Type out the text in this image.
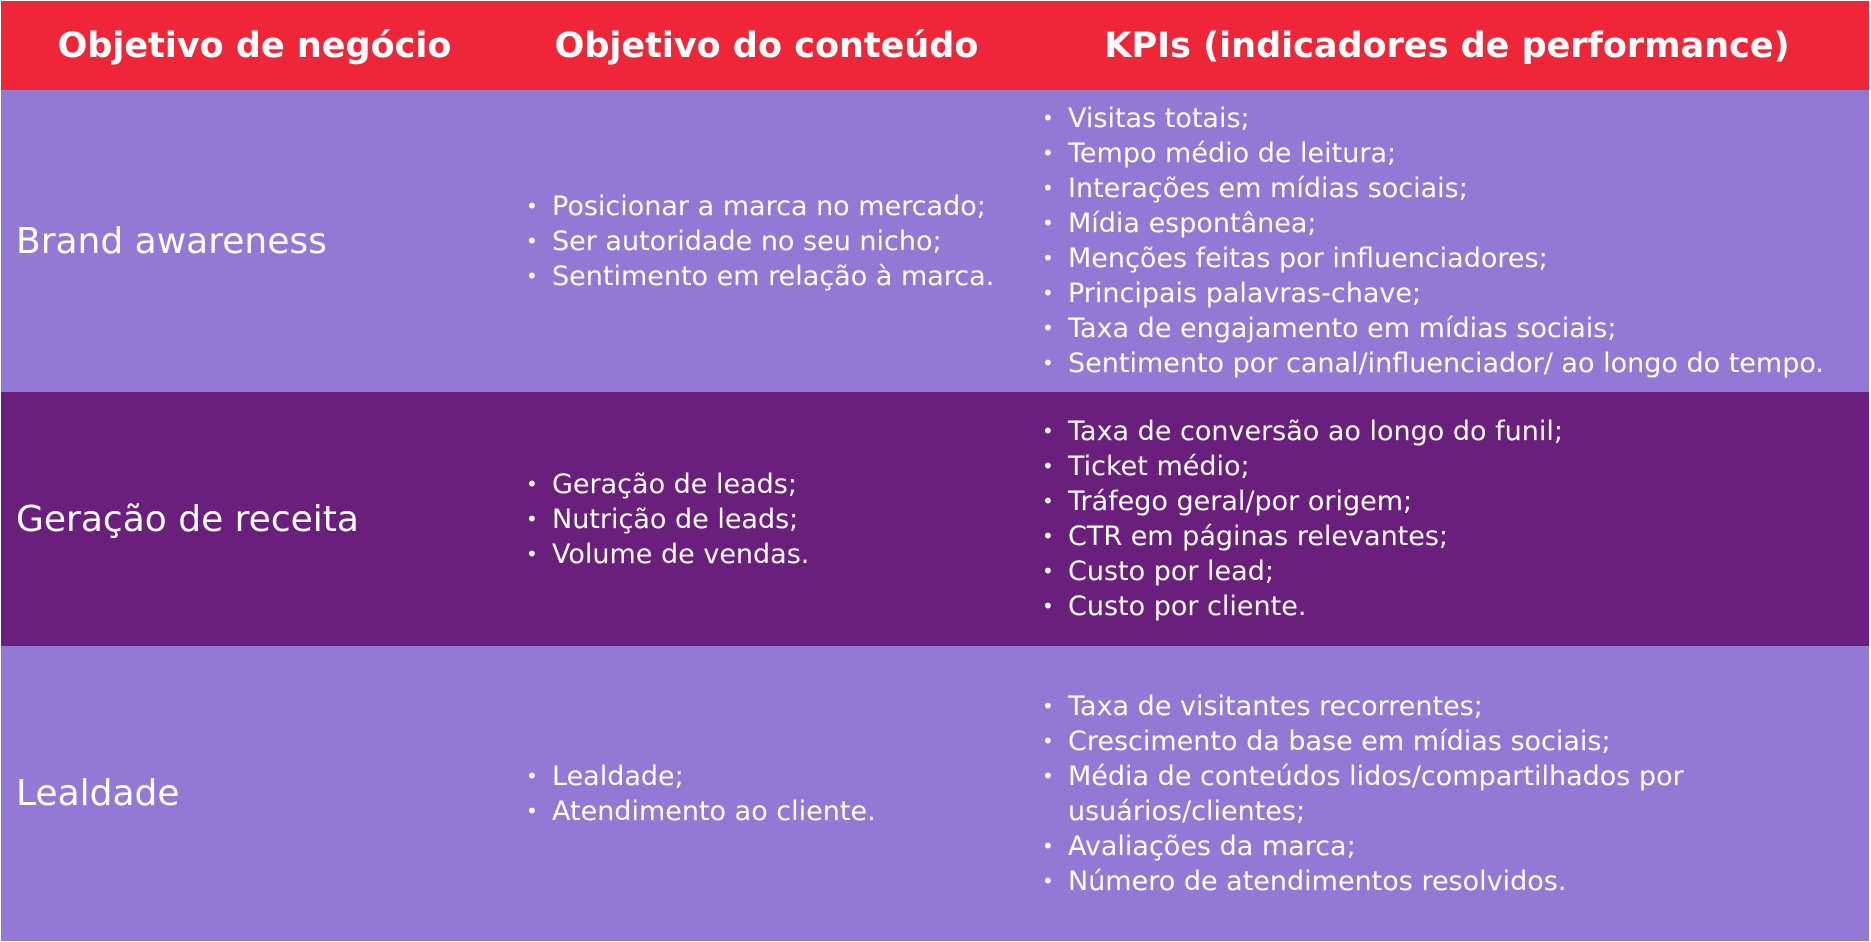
Objetivo de negócio	Objetivo do conteúdo	KPIs (indicadores de performance)
Brand awareness
• Posicionar a marca no mercado;
• Ser autoridade no seu nicho;
• Sentimento em relação à marca.
• Visitas totais;
• Tempo médio de leitura;
• Interações em mídias sociais;
• Mídia espontânea;
• Menções feitas por influenciadores;
• Principais palavras-chave;
• Taxa de engajamento em mídias sociais;
• Sentimento por canal/influenciador/ ao longo do tempo.
Geração de receita
• Geração de leads;
• Nutrição de leads;
• Volume de vendas.
• Taxa de conversão ao longo do funil;
• Ticket médio;
• Tráfego geral/por origem;
• CTR em páginas relevantes;
• Custo por lead;
• Custo por cliente.
Lealdade
•	Lealdade;
• Atendimento ao cliente.
• Taxa de visitantes recorrentes;
• Crescimento da base em mídias sociais;
• Média de conteúdos lidos/compartilhados por usuários/clientes;
• Avaliações da marca;
• Número de atendimentos resolvidos.
